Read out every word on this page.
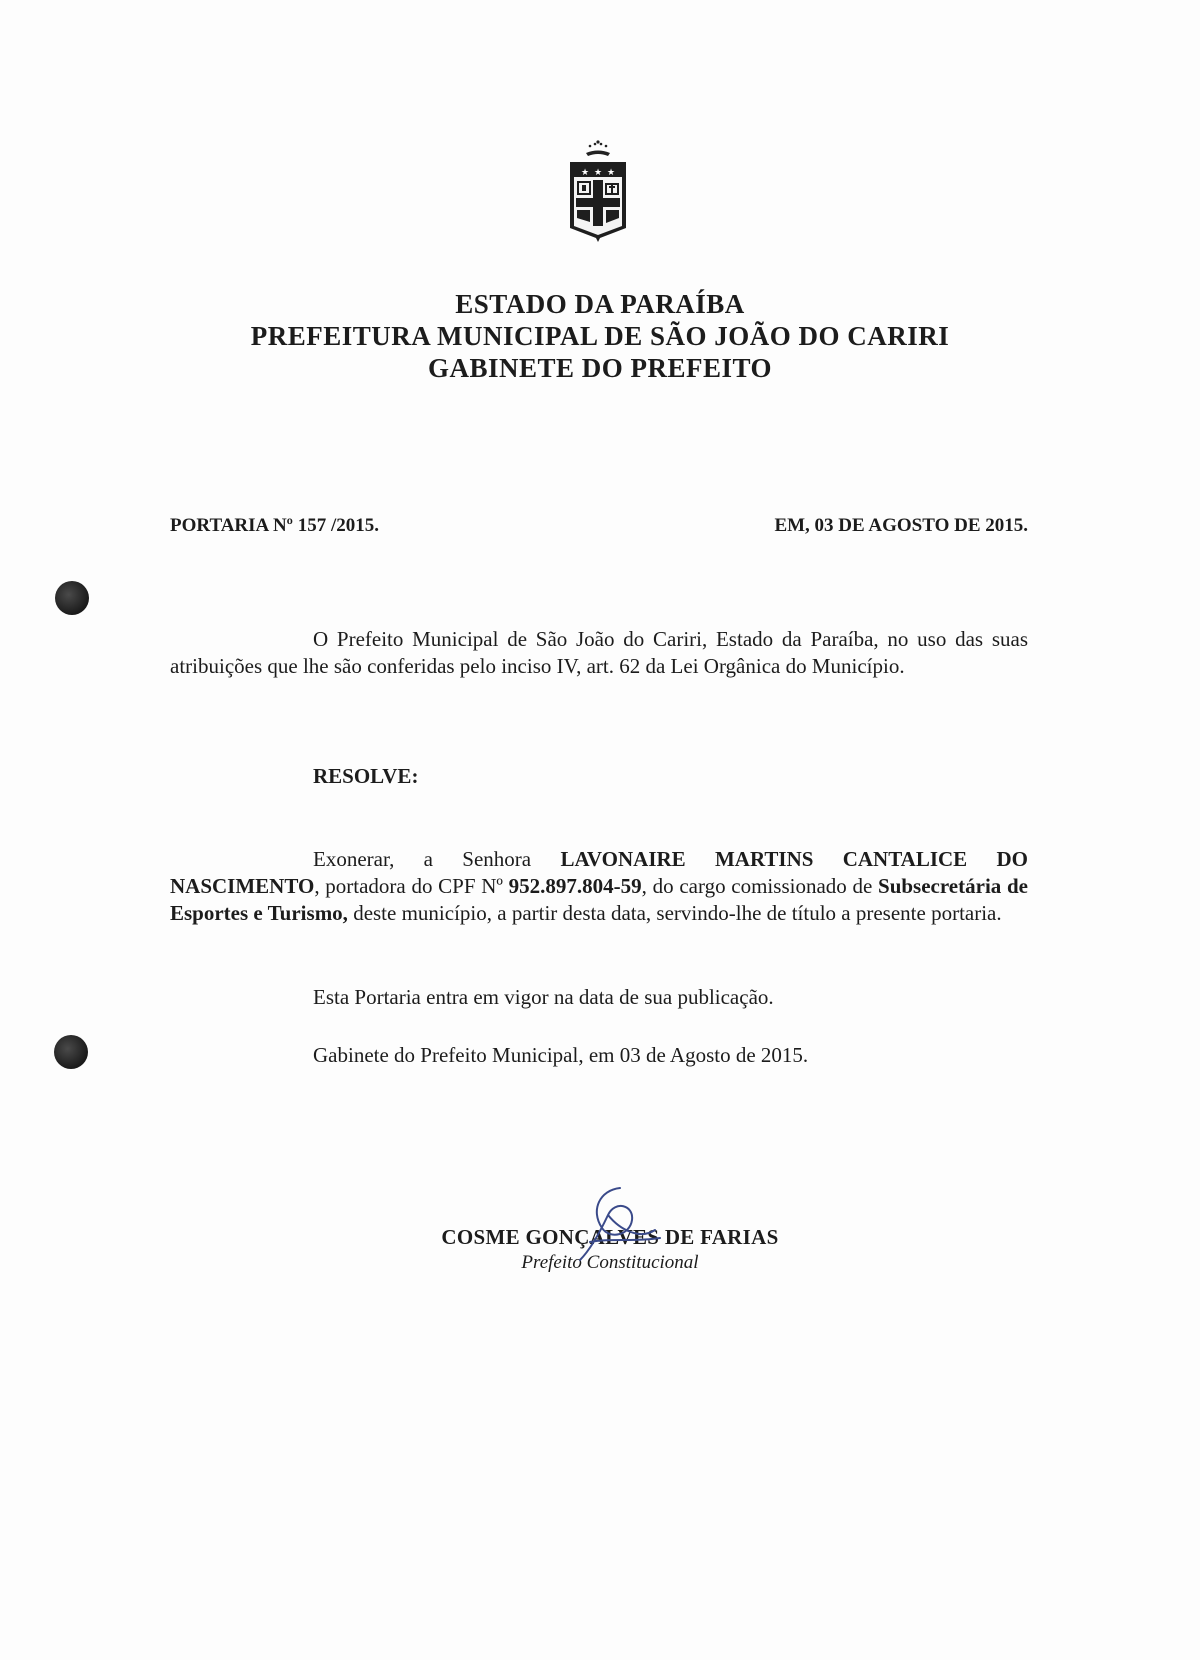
★ ★ ★
ESTADO DA PARAÍBA
PREFEITURA MUNICIPAL DE SÃO JOÃO DO CARIRI
GABINETE DO PREFEITO
PORTARIA Nº 157 /2015.	EM, 03 DE AGOSTO DE 2015.
O Prefeito Municipal de São João do Cariri, Estado da Paraíba, no uso das suas atribuições que lhe são conferidas pelo inciso IV, art. 62 da Lei Orgânica do Município.
RESOLVE:
Exonerar, a Senhora LAVONAIRE MARTINS CANTALICE DO NASCIMENTO, portadora do CPF Nº 952.897.804-59, do cargo comissionado de Subsecretária de Esportes e Turismo, deste município, a partir desta data, servindo-lhe de título a presente portaria.
Esta Portaria entra em vigor na data de sua publicação.
Gabinete do Prefeito Municipal, em 03 de Agosto de 2015.
COSME GONÇALVES DE FARIAS
Prefeito Constitucional
